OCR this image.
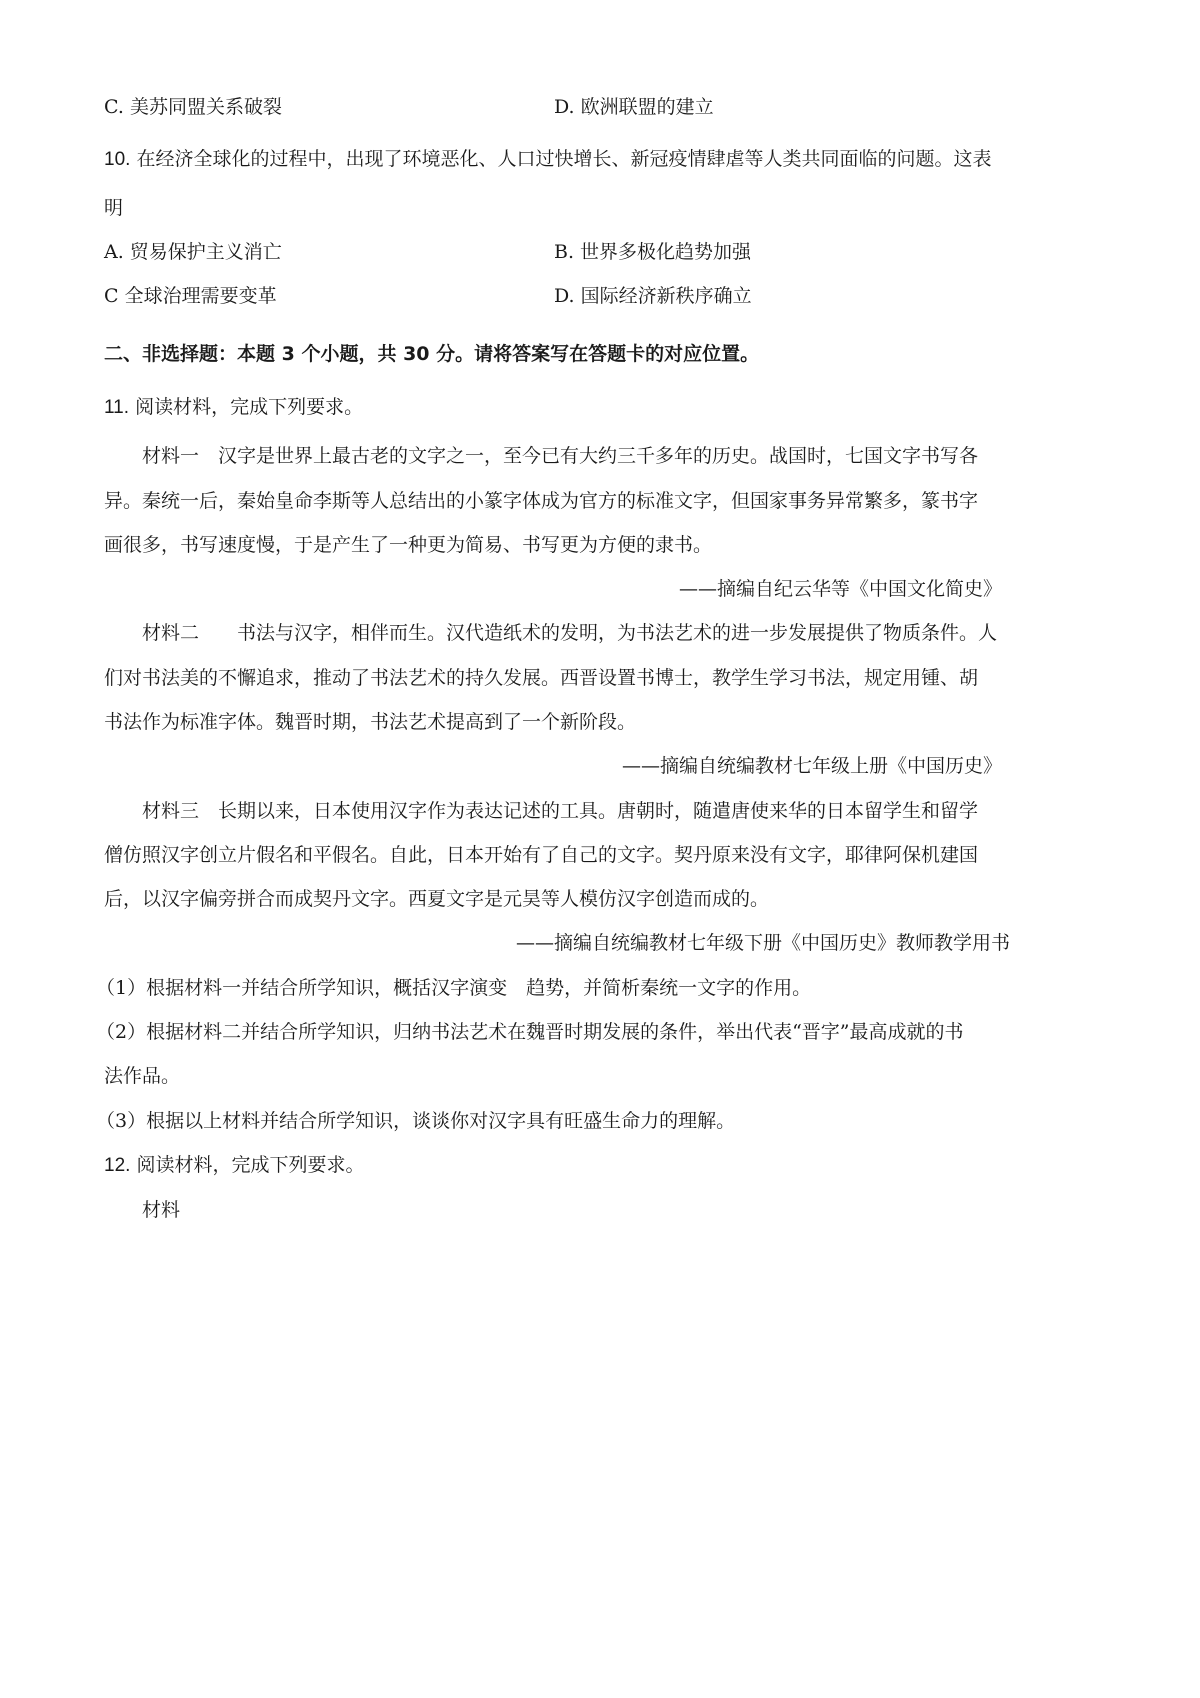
C. 美苏同盟关系破裂	D. 欧洲联盟的建立
10. 在经济全球化的过程中，出现了环境恶化、人口过快增长、新冠疫情肆虐等人类共同面临的问题。这表
明
A. 贸易保护主义消亡	B. 世界多极化趋势加强
C 全球治理需要变革	D. 国际经济新秩序确立
二、非选择题：本题 3 个小题，共 30 分。请将答案写在答题卡的对应位置。
11. 阅读材料，完成下列要求。
材料一　汉字是世界上最古老的文字之一，至今已有大约三千多年的历史。战国时，七国文字书写各
异。秦统一后，秦始皇命李斯等人总结出的小篆字体成为官方的标准文字，但国家事务异常繁多，篆书字
画很多，书写速度慢，于是产生了一种更为简易、书写更为方便的隶书。
——摘编自纪云华等《中国文化简史》
材料二　　书法与汉字，相伴而生。汉代造纸术的发明，为书法艺术的进一步发展提供了物质条件。人
们对书法美的不懈追求，推动了书法艺术的持久发展。西晋设置书博士，教学生学习书法，规定用锺、胡
书法作为标准字体。魏晋时期，书法艺术提高到了一个新阶段。
——摘编自统编教材七年级上册《中国历史》
材料三　长期以来，日本使用汉字作为表达记述的工具。唐朝时，随遣唐使来华的日本留学生和留学
僧仿照汉字创立片假名和平假名。自此，日本开始有了自己的文字。契丹原来没有文字，耶律阿保机建国
后，以汉字偏旁拼合而成契丹文字。西夏文字是元昊等人模仿汉字创造而成的。
——摘编自统编教材七年级下册《中国历史》教师教学用书
（1）根据材料一并结合所学知识，概括汉字演变　趋势，并简析秦统一文字的作用。
（2）根据材料二并结合所学知识，归纳书法艺术在魏晋时期发展的条件，举出代表“晋字”最高成就的书
法作品。
（3）根据以上材料并结合所学知识，谈谈你对汉字具有旺盛生命力的理解。
12. 阅读材料，完成下列要求。
材料
